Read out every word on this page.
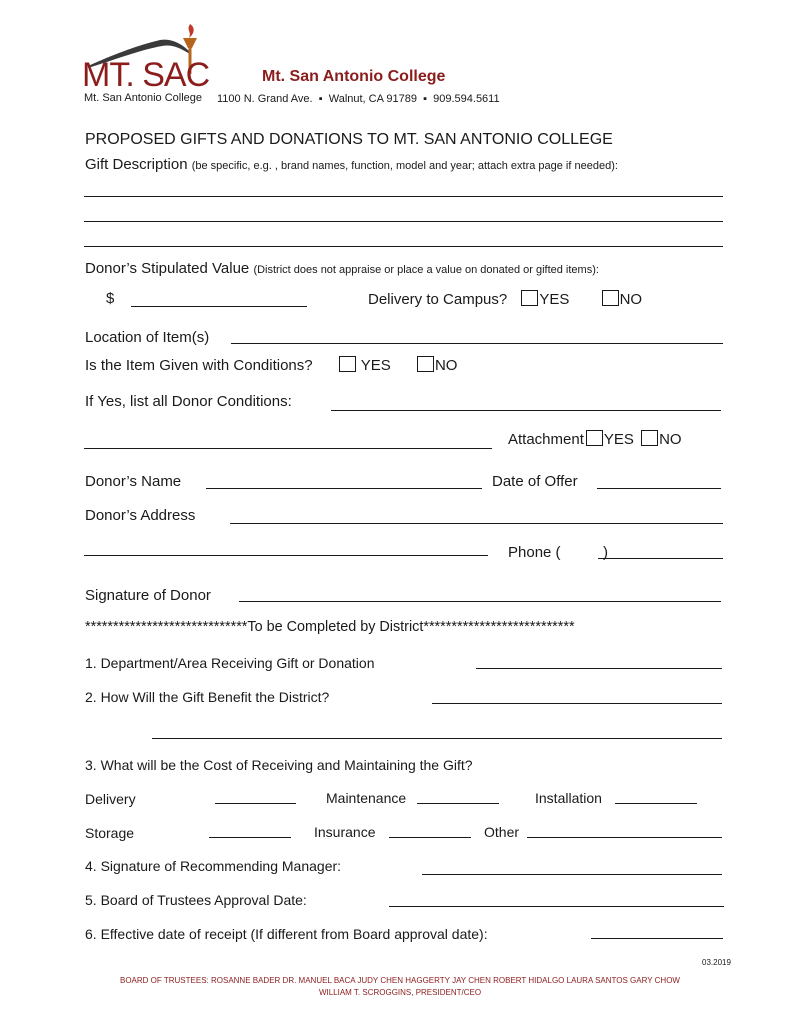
MT. SAC
Mt. San Antonio College
Mt. San Antonio College
1100 N. Grand Ave.  ▪  Walnut, CA 91789  ▪  909.594.5611
PROPOSED GIFTS AND DONATIONS TO MT. SAN ANTONIO COLLEGE
Gift Description (be specific, e.g. , brand names, function, model and year; attach extra page if needed):
Donor’s Stipulated Value (District does not appraise or place a value on donated or gifted items):
$	Delivery to Campus? YES	NO
Location of Item(s)
Is the Item Given with Conditions?	YES	NO
If Yes, list all Donor Conditions:
Attachment YES NO
Donor’s Name	Date of Offer
Donor’s Address
Phone (	)
Signature of Donor
*****************************To be Completed by District***************************
1. Department/Area Receiving Gift or Donation
2. How Will the Gift Benefit the District?
3. What will be the Cost of Receiving and Maintaining the Gift?
Delivery	Maintenance	Installation
Storage	Insurance	Other
4. Signature of Recommending Manager:
5. Board of Trustees Approval Date:
6. Effective date of receipt (If different from Board approval date):
03.2019
BOARD OF TRUSTEES: ROSANNE BADER DR. MANUEL BACA JUDY CHEN HAGGERTY JAY CHEN ROBERT HIDALGO LAURA SANTOS GARY CHOW
WILLIAM T. SCROGGINS, PRESIDENT/CEO
